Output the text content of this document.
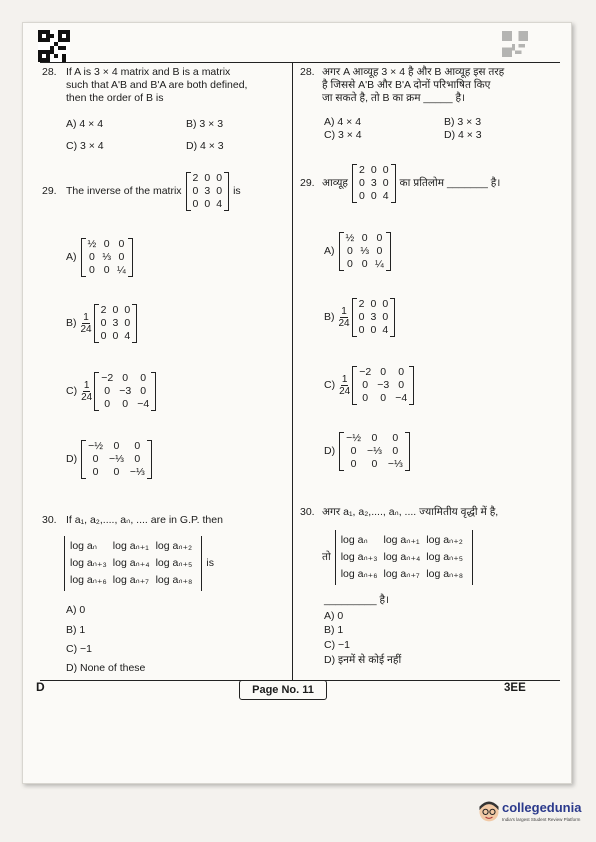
28. If A is 3 × 4 matrix and B is a matrix
such that A'B and B'A are both defined,
then the order of B is
A) 4 × 4	B) 3 × 3
C) 3 × 4	D) 4 × 3
28. अगर A आव्यूह 3 × 4 है और B आव्यूह इस तरह
है जिससे A'B और B'A दोनों परिभाषित किए
जा सकते है, तो B का क्रम _____ है।
A) 4 × 4	B) 3 × 3
C) 3 × 4	D) 4 × 3
29. The inverse of the matrix
2	0	0
0	3	0
0	0	4
is
A)
½	0	0
0	⅓	0
0	0	¼
$B) \frac{1}{24}$
2	0	0
0	3	0
0	0	4
$C) \frac{1}{24}$
−2	0	0
0	−3	0
0	0	−4
D)
−½	0	0
0	−⅓	0
0	0	−⅓
29. आव्यूह
2	0	0
0	3	0
0	0	4
का प्रतिलोम _______ है।
A)
½	0	0
0	⅓	0
0	0	¼
$B) \frac{1}{24}$
2	0	0
0	3	0
0	0	4
$C) \frac{1}{24}$
−2	0	0
0	−3	0
0	0	−4
D)
−½	0	0
0	−⅓	0
0	0	−⅓
30. If a₁, a₂,...., aₙ, .... are in G.P. then
log aₙ	log aₙ₊₁	log aₙ₊₂
log aₙ₊₃	log aₙ₊₄	log aₙ₊₅
log aₙ₊₆	log aₙ₊₇	log aₙ₊₈
is
A) 0
B) 1
C) −1
D) None of these
30. अगर a₁, a₂,...., aₙ, .... ज्यामितीय वृद्धी में है,
तो
log aₙ	log aₙ₊₁	log aₙ₊₂
log aₙ₊₃	log aₙ₊₄	log aₙ₊₅
log aₙ₊₆	log aₙ₊₇	log aₙ₊₈
_________ है।
A) 0
B) 1
C) −1
D) इनमें से कोई नहीं
D	Page No. 11	3EE
collegedunia
India's largest Student Review Platform
